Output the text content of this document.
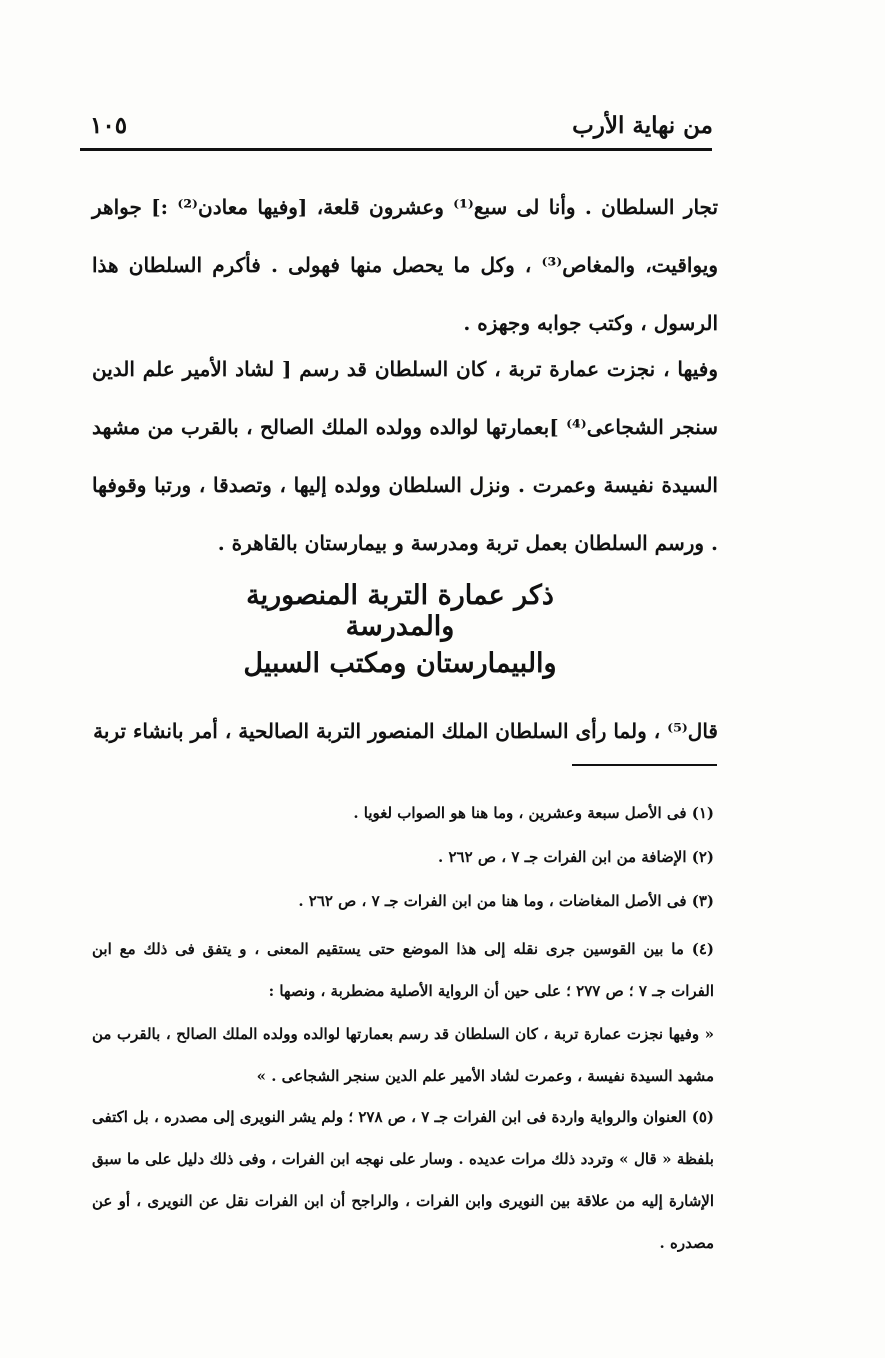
من نهاية الأرب
١٠٥
تجار السلطان . وأنا لى سبع⁽¹⁾ وعشرون قلعة، [وفيها معادن⁽²⁾ :] جواهر ويواقيت، والمغاص⁽³⁾ ، وكل ما يحصل منها فهولى . فأكرم السلطان هذا الرسول ، وكتب جوابه وجهزه .
وفيها ، نجزت عمارة تربة ، كان السلطان قد رسم [ لشاد الأمير علم الدين سنجر الشجاعى⁽⁴⁾ ]بعمارتها لوالده وولده الملك الصالح ، بالقرب من مشهد السيدة نفيسة وعمرت . ونزل السلطان وولده إليها ، وتصدقا ، ورتبا وقوفها . ورسم السلطان بعمل تربة ومدرسة و بيمارستان بالقاهرة .
ذكر عمارة التربة المنصورية والمدرسة
والبيمارستان ومكتب السبيل
قال⁽⁵⁾ ، ولما رأى السلطان الملك المنصور التربة الصالحية ، أمر بانشاء تربة
(١) فى الأصل سبعة وعشرين ، وما هنا هو الصواب لغويا .
(٢) الإضافة من ابن الفرات جـ ٧ ، ص ٢٦٢ .
(٣) فى الأصل المغاضات ، وما هنا من ابن الفرات جـ ٧ ، ص ٢٦٢ .
(٤) ما بين القوسين جرى نقله إلى هذا الموضع حتى يستقيم المعنى ، و يتفق فى ذلك مع ابن الفرات جـ ٧ ؛ ص ٢٧٧ ؛ على حين أن الرواية الأصلية مضطربة ، ونصها :
« وفيها نجزت عمارة تربة ، كان السلطان قد رسم بعمارتها لوالده وولده الملك الصالح ، بالقرب من مشهد السيدة نفيسة ، وعمرت لشاد الأمير علم الدين سنجر الشجاعى . »
(٥) العنوان والرواية واردة فى ابن الفرات جـ ٧ ، ص ٢٧٨ ؛ ولم يشر النويرى إلى مصدره ، بل اكتفى بلفظة « قال » وتردد ذلك مرات عديده . وسار على نهجه ابن الفرات ، وفى ذلك دليل على ما سبق الإشارة إليه من علاقة بين النويرى وابن الفرات ، والراجح أن ابن الفرات نقل عن النويرى ، أو عن مصدره .
